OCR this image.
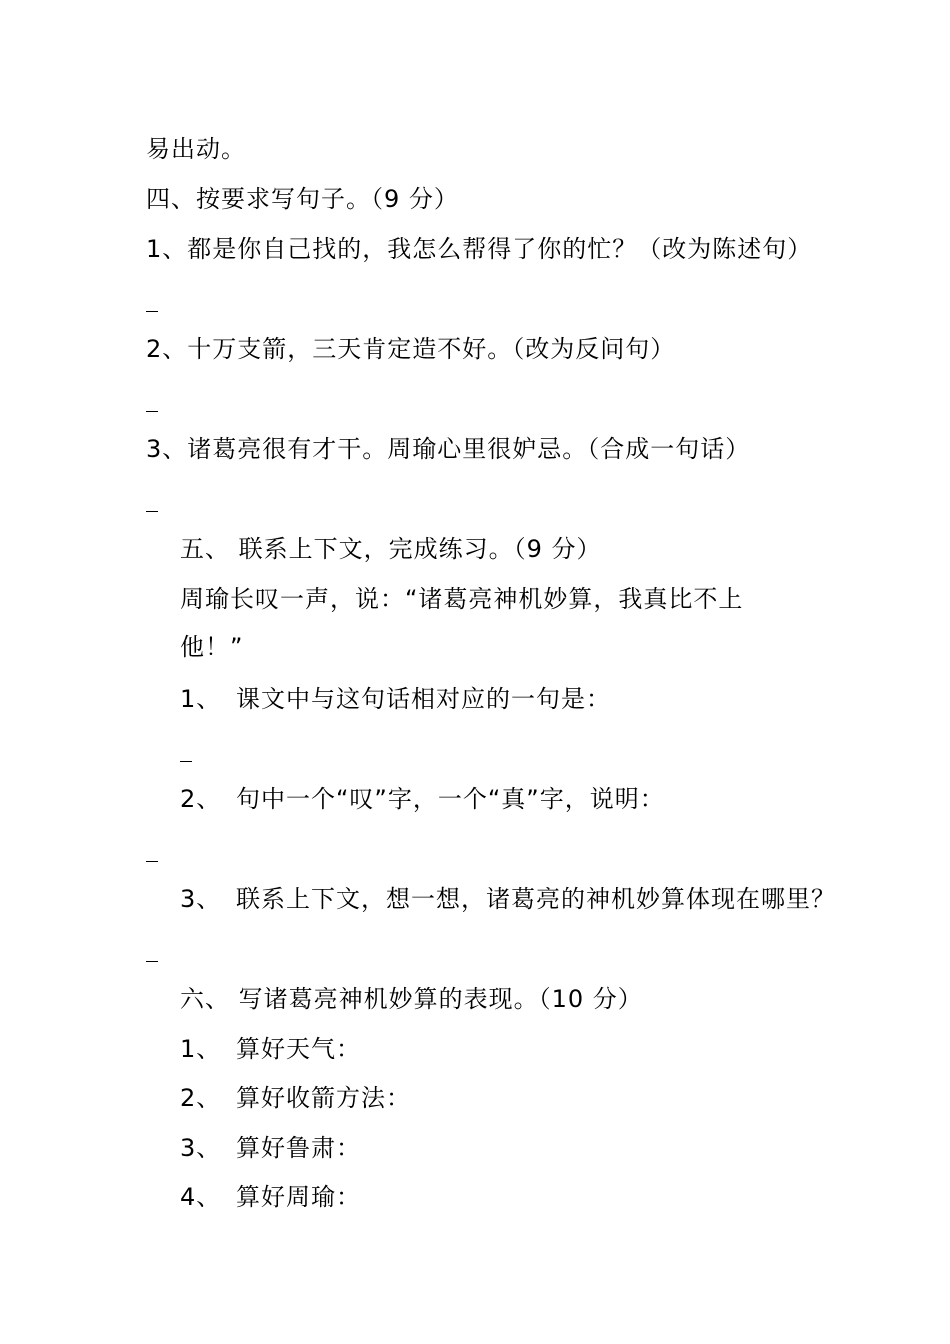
易出动。
四、按要求写句子。（9 分）
1、都是你自己找的，我怎么帮得了你的忙？（改为陈述句）
2、十万支箭，三天肯定造不好。（改为反问句）
3、诸葛亮很有才干。周瑜心里很妒忌。（合成一句话）
五、 联系上下文，完成练习。（9 分）
周瑜长叹一声，说：“诸葛亮神机妙算，我真比不上
他！”
1、 课文中与这句话相对应的一句是：
2、 句中一个“叹”字，一个“真”字，说明：
3、 联系上下文，想一想，诸葛亮的神机妙算体现在哪里？
六、 写诸葛亮神机妙算的表现。（10 分）
1、 算好天气：
2、 算好收箭方法：
3、 算好鲁肃：
4、 算好周瑜：
